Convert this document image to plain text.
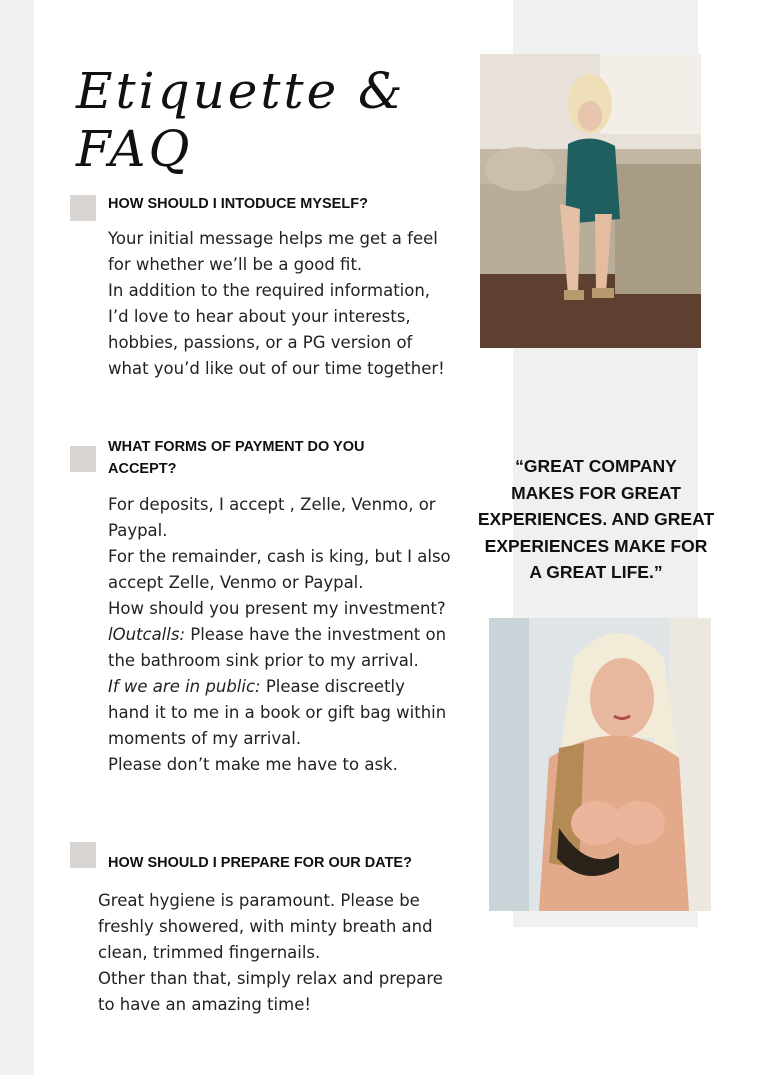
Etiquette & FAQ
HOW SHOULD I INTODUCE MYSELF?

Your initial message helps me get a feel

for whether we’ll be a good fit.

In addition to the required information,

I’d love to hear about your interests,

hobbies, passions, or a PG version of

what you’d like out of our time together!

WHAT FORMS OF PAYMENT DO YOU
ACCEPT?

For deposits, I accept , Zelle, Venmo, or

Paypal.

For the remainder, cash is king, but I also

accept Zelle, Venmo or Paypal.

How should you present my investment?

lOutcalls: Please have the investment on

the bathroom sink prior to my arrival.

If we are in public: Please discreetly

hand it to me in a book or gift bag within

moments of my arrival.

Please don’t make me have to ask.

HOW SHOULD I PREPARE FOR OUR DATE?

Great hygiene is paramount. Please be

freshly showered, with minty breath and

clean, trimmed fingernails.

Other than that, simply relax and prepare

to have an amazing time!

“GREAT COMPANY
MAKES FOR GREAT
EXPERIENCES. AND GREAT
EXPERIENCES MAKE FOR
A GREAT LIFE.”
